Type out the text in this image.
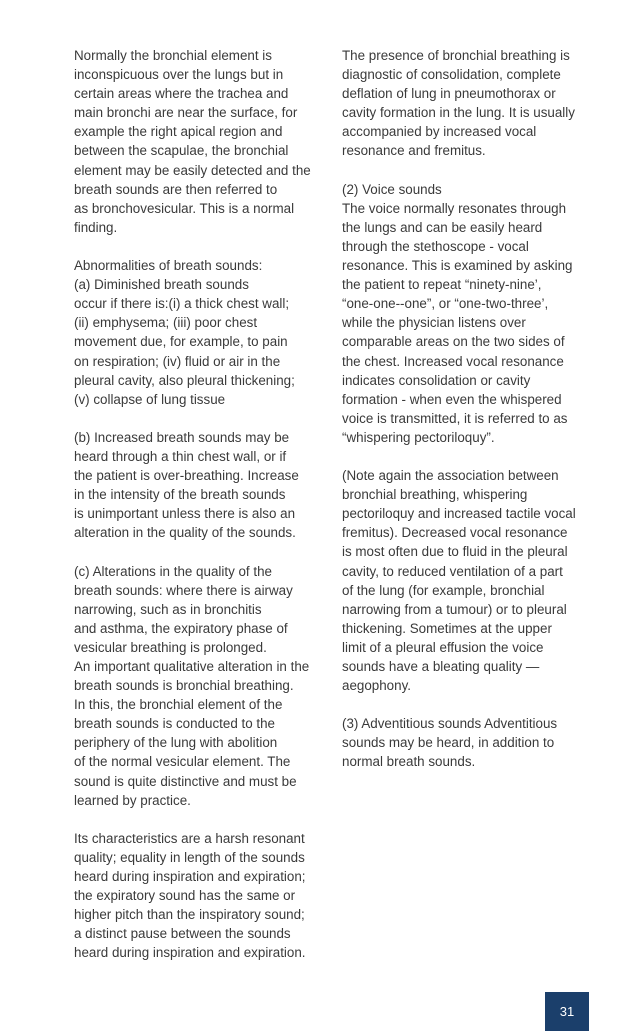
Normally the bronchial element is
inconspicuous over the lungs but in
certain areas where the trachea and
main bronchi are near the surface, for
example the right apical region and
between the scapulae, the bronchial
element may be easily detected and the
breath sounds are then referred to
as bronchovesicular. This is a normal
finding.
Abnormalities of breath sounds:
(a) Diminished breath sounds
occur if there is:(i) a thick chest wall;
(ii) emphysema; (iii) poor chest
movement due, for example, to pain
on respiration; (iv) fluid or air in the
pleural cavity, also pleural thickening;
(v) collapse of lung tissue
(b) Increased breath sounds may be
heard through a thin chest wall, or if
the patient is over-breathing. Increase
in the intensity of the breath sounds
is unimportant unless there is also an
alteration in the quality of the sounds.
(c) Alterations in the quality of the
breath sounds: where there is airway
narrowing, such as in bronchitis
and asthma, the expiratory phase of
vesicular breathing is prolonged.
An important qualitative alteration in the
breath sounds is bronchial breathing.
In this, the bronchial element of the
breath sounds is conducted to the
periphery of the lung with abolition
of the normal vesicular element. The
sound is quite distinctive and must be
learned by practice.
Its characteristics are a harsh resonant
quality; equality in length of the sounds
heard during inspiration and expiration;
the expiratory sound has the same or
higher pitch than the inspiratory sound;
a distinct pause between the sounds
heard during inspiration and expiration.
The presence of bronchial breathing is
diagnostic of consolidation, complete
deflation of lung in pneumothorax or
cavity formation in the lung. It is usually
accompanied by increased vocal
resonance and fremitus.
(2) Voice sounds
The voice normally resonates through
the lungs and can be easily heard
through the stethoscope - vocal
resonance. This is examined by asking
the patient to repeat “ninety-nine’,
“one-one--one”, or “one-two-three’,
while the physician listens over
comparable areas on the two sides of
the chest. Increased vocal resonance
indicates consolidation or cavity
formation - when even the whispered
voice is transmitted, it is referred to as
“whispering pectoriloquy”.
(Note again the association between
bronchial breathing, whispering
pectoriloquy and increased tactile vocal
fremitus). Decreased vocal resonance
is most often due to fluid in the pleural
cavity, to reduced ventilation of a part
of the lung (for example, bronchial
narrowing from a tumour) or to pleural
thickening. Sometimes at the upper
limit of a pleural effusion the voice
sounds have a bleating quality —
aegophony.
(3) Adventitious sounds Adventitious
sounds may be heard, in addition to
normal breath sounds.
31
